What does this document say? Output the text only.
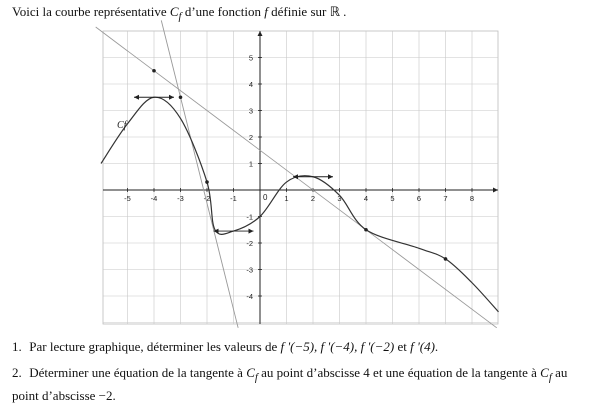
Voici la courbe représentative $C_f$ d’une fonction f définie sur ℝ .
-5	-4	-3	-2	-1	1	2	3	4	5	6	7	8
5
4
3
2
1
-1
-2
-3
-4
Cf
0
1. Par lecture graphique, déterminer les valeurs de f '(−5), f '(−4), f '(−2) et f '(4).
2. Déterminer une équation de la tangente à $C_f$ au point d’abscisse 4 et une équation de la tangente à $C_f$ au point d’abscisse −2.
